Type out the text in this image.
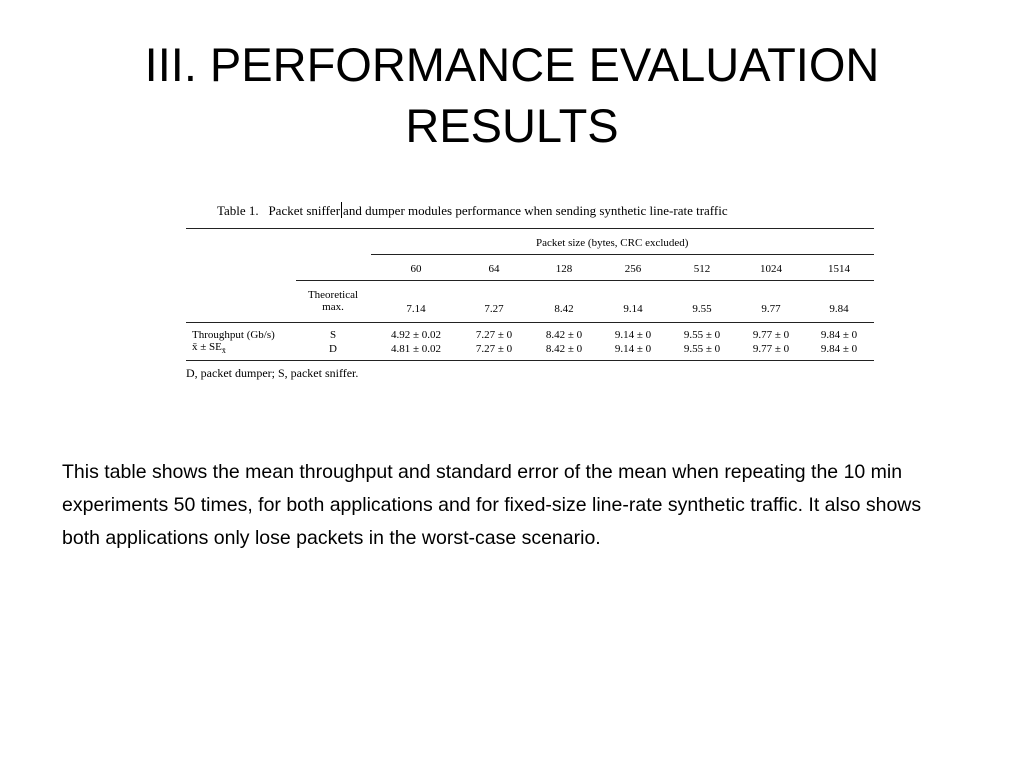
III. PERFORMANCE EVALUATION
RESULTS
Table 1. Packet sniffer and dumper modules performance when sending synthetic line-rate traffic
Packet size (bytes, CRC excluded)
60	64	128	256	512	1024	1514
Theoretical
max.	7.14	7.27	8.42	9.14	9.55	9.77	9.84
Throughput (Gb/s)
x̄ ± $SE_{x̄}$
S	4.92 ± 0.02	7.27 ± 0	8.42 ± 0	9.14 ± 0	9.55 ± 0	9.77 ± 0	9.84 ± 0
D	4.81 ± 0.02	7.27 ± 0	8.42 ± 0	9.14 ± 0	9.55 ± 0	9.77 ± 0	9.84 ± 0
D, packet dumper; S, packet sniffer.
This table shows the mean throughput and standard error of the mean when repeating the 10 min experiments 50 times, for both applications and for fixed-size line-rate synthetic traffic. It also shows both applications only lose packets in the worst-case scenario.
